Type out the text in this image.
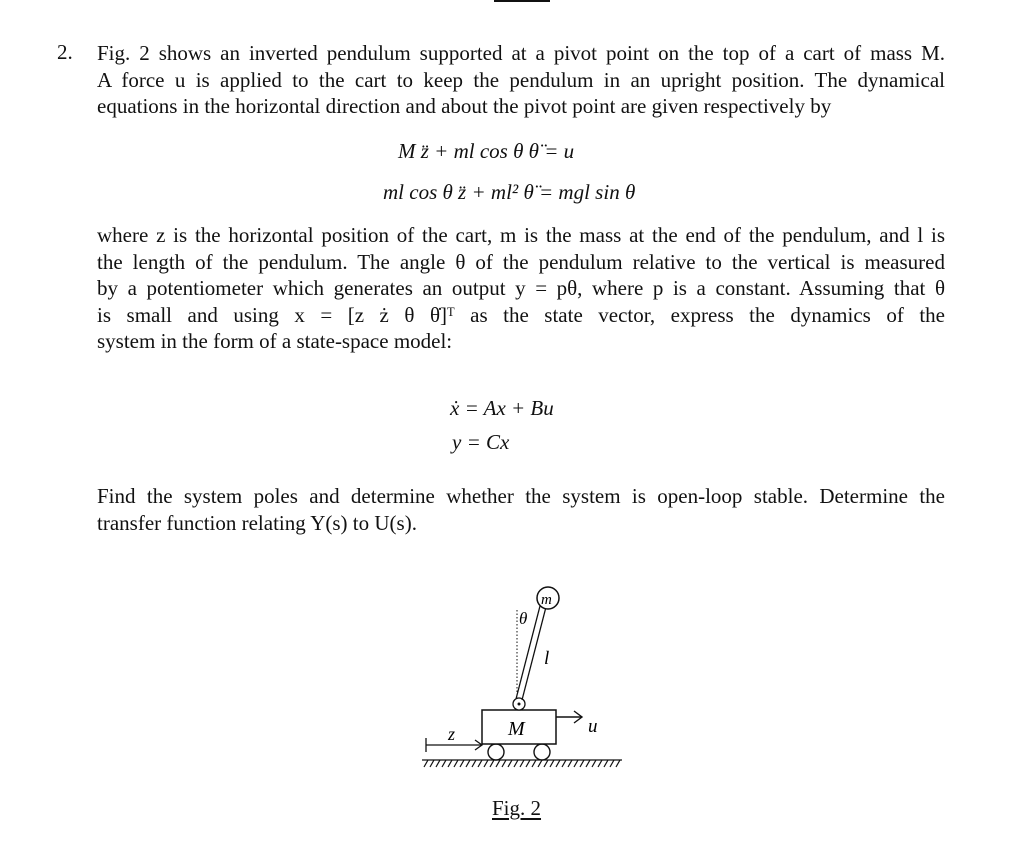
2. Fig. 2 shows an inverted pendulum supported at a pivot point on the top of a cart of mass M.
A force u is applied to the cart to keep the pendulum in an upright position. The dynamical
equations in the horizontal direction and about the pivot point are given respectively by
M z̈ + ml cos θ θ̈ = u
ml cos θ z̈ + ml² θ̈ = mgl sin θ
where z is the horizontal position of the cart, m is the mass at the end of the pendulum, and l is
the length of the pendulum. The angle θ of the pendulum relative to the vertical is measured
by a potentiometer which generates an output y = pθ, where p is a constant. Assuming that θ
is small and using x = [z ż θ θ̇]ᵀ as the state vector, express the dynamics of the
system in the form of a state-space model:
ẋ = Ax + Bu
y = Cx
Find the system poles and determine whether the system is open-loop stable. Determine the
transfer function relating Y(s) to U(s).
M
m
θ
l
u
z
Fig. 2
